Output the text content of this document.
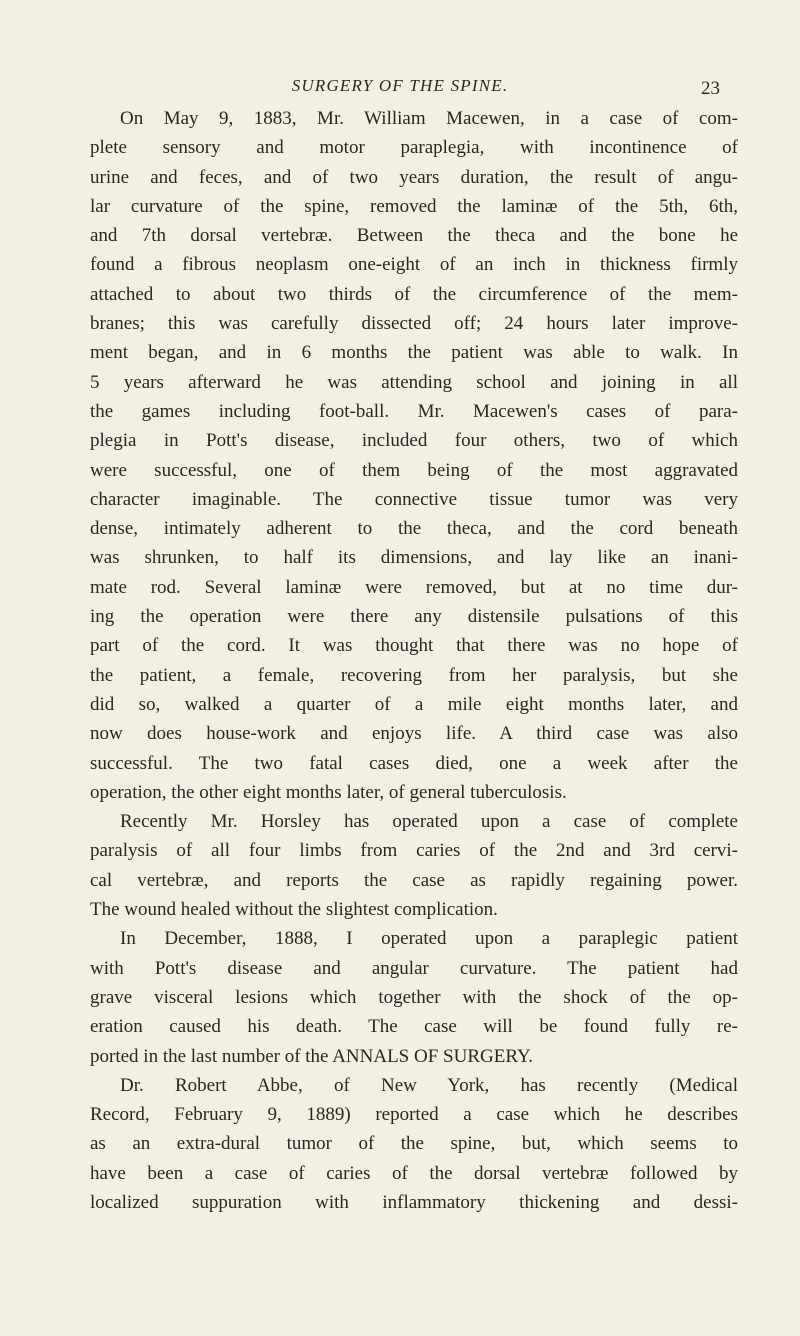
SURGERY OF THE SPINE.	23
On May 9, 1883, Mr. William Macewen, in a case of com-
plete sensory and motor paraplegia, with incontinence of
urine and feces, and of two years duration, the result of angu-
lar curvature of the spine, removed the laminæ of the 5th, 6th,
and 7th dorsal vertebræ. Between the theca and the bone he
found a fibrous neoplasm one-eight of an inch in thickness firmly
attached to about two thirds of the circumference of the mem-
branes; this was carefully dissected off; 24 hours later improve-
ment began, and in 6 months the patient was able to walk. In
5 years afterward he was attending school and joining in all
the games including foot-ball. Mr. Macewen's cases of para-
plegia in Pott's disease, included four others, two of which
were successful, one of them being of the most aggravated
character imaginable. The connective tissue tumor was very
dense, intimately adherent to the theca, and the cord beneath
was shrunken, to half its dimensions, and lay like an inani-
mate rod. Several laminæ were removed, but at no time dur-
ing the operation were there any distensile pulsations of this
part of the cord. It was thought that there was no hope of
the patient, a female, recovering from her paralysis, but she
did so, walked a quarter of a mile eight months later, and
now does house-work and enjoys life. A third case was also
successful. The two fatal cases died, one a week after the
operation, the other eight months later, of general tuberculosis.
Recently Mr. Horsley has operated upon a case of complete
paralysis of all four limbs from caries of the 2nd and 3rd cervi-
cal vertebræ, and reports the case as rapidly regaining power.
The wound healed without the slightest complication.
In December, 1888, I operated upon a paraplegic patient
with Pott's disease and angular curvature. The patient had
grave visceral lesions which together with the shock of the op-
eration caused his death. The case will be found fully re-
ported in the last number of the ANNALS OF SURGERY.
Dr. Robert Abbe, of New York, has recently (Medical
Record, February 9, 1889) reported a case which he describes
as an extra-dural tumor of the spine, but, which seems to
have been a case of caries of the dorsal vertebræ followed by
localized suppuration with inflammatory thickening and dessi-
